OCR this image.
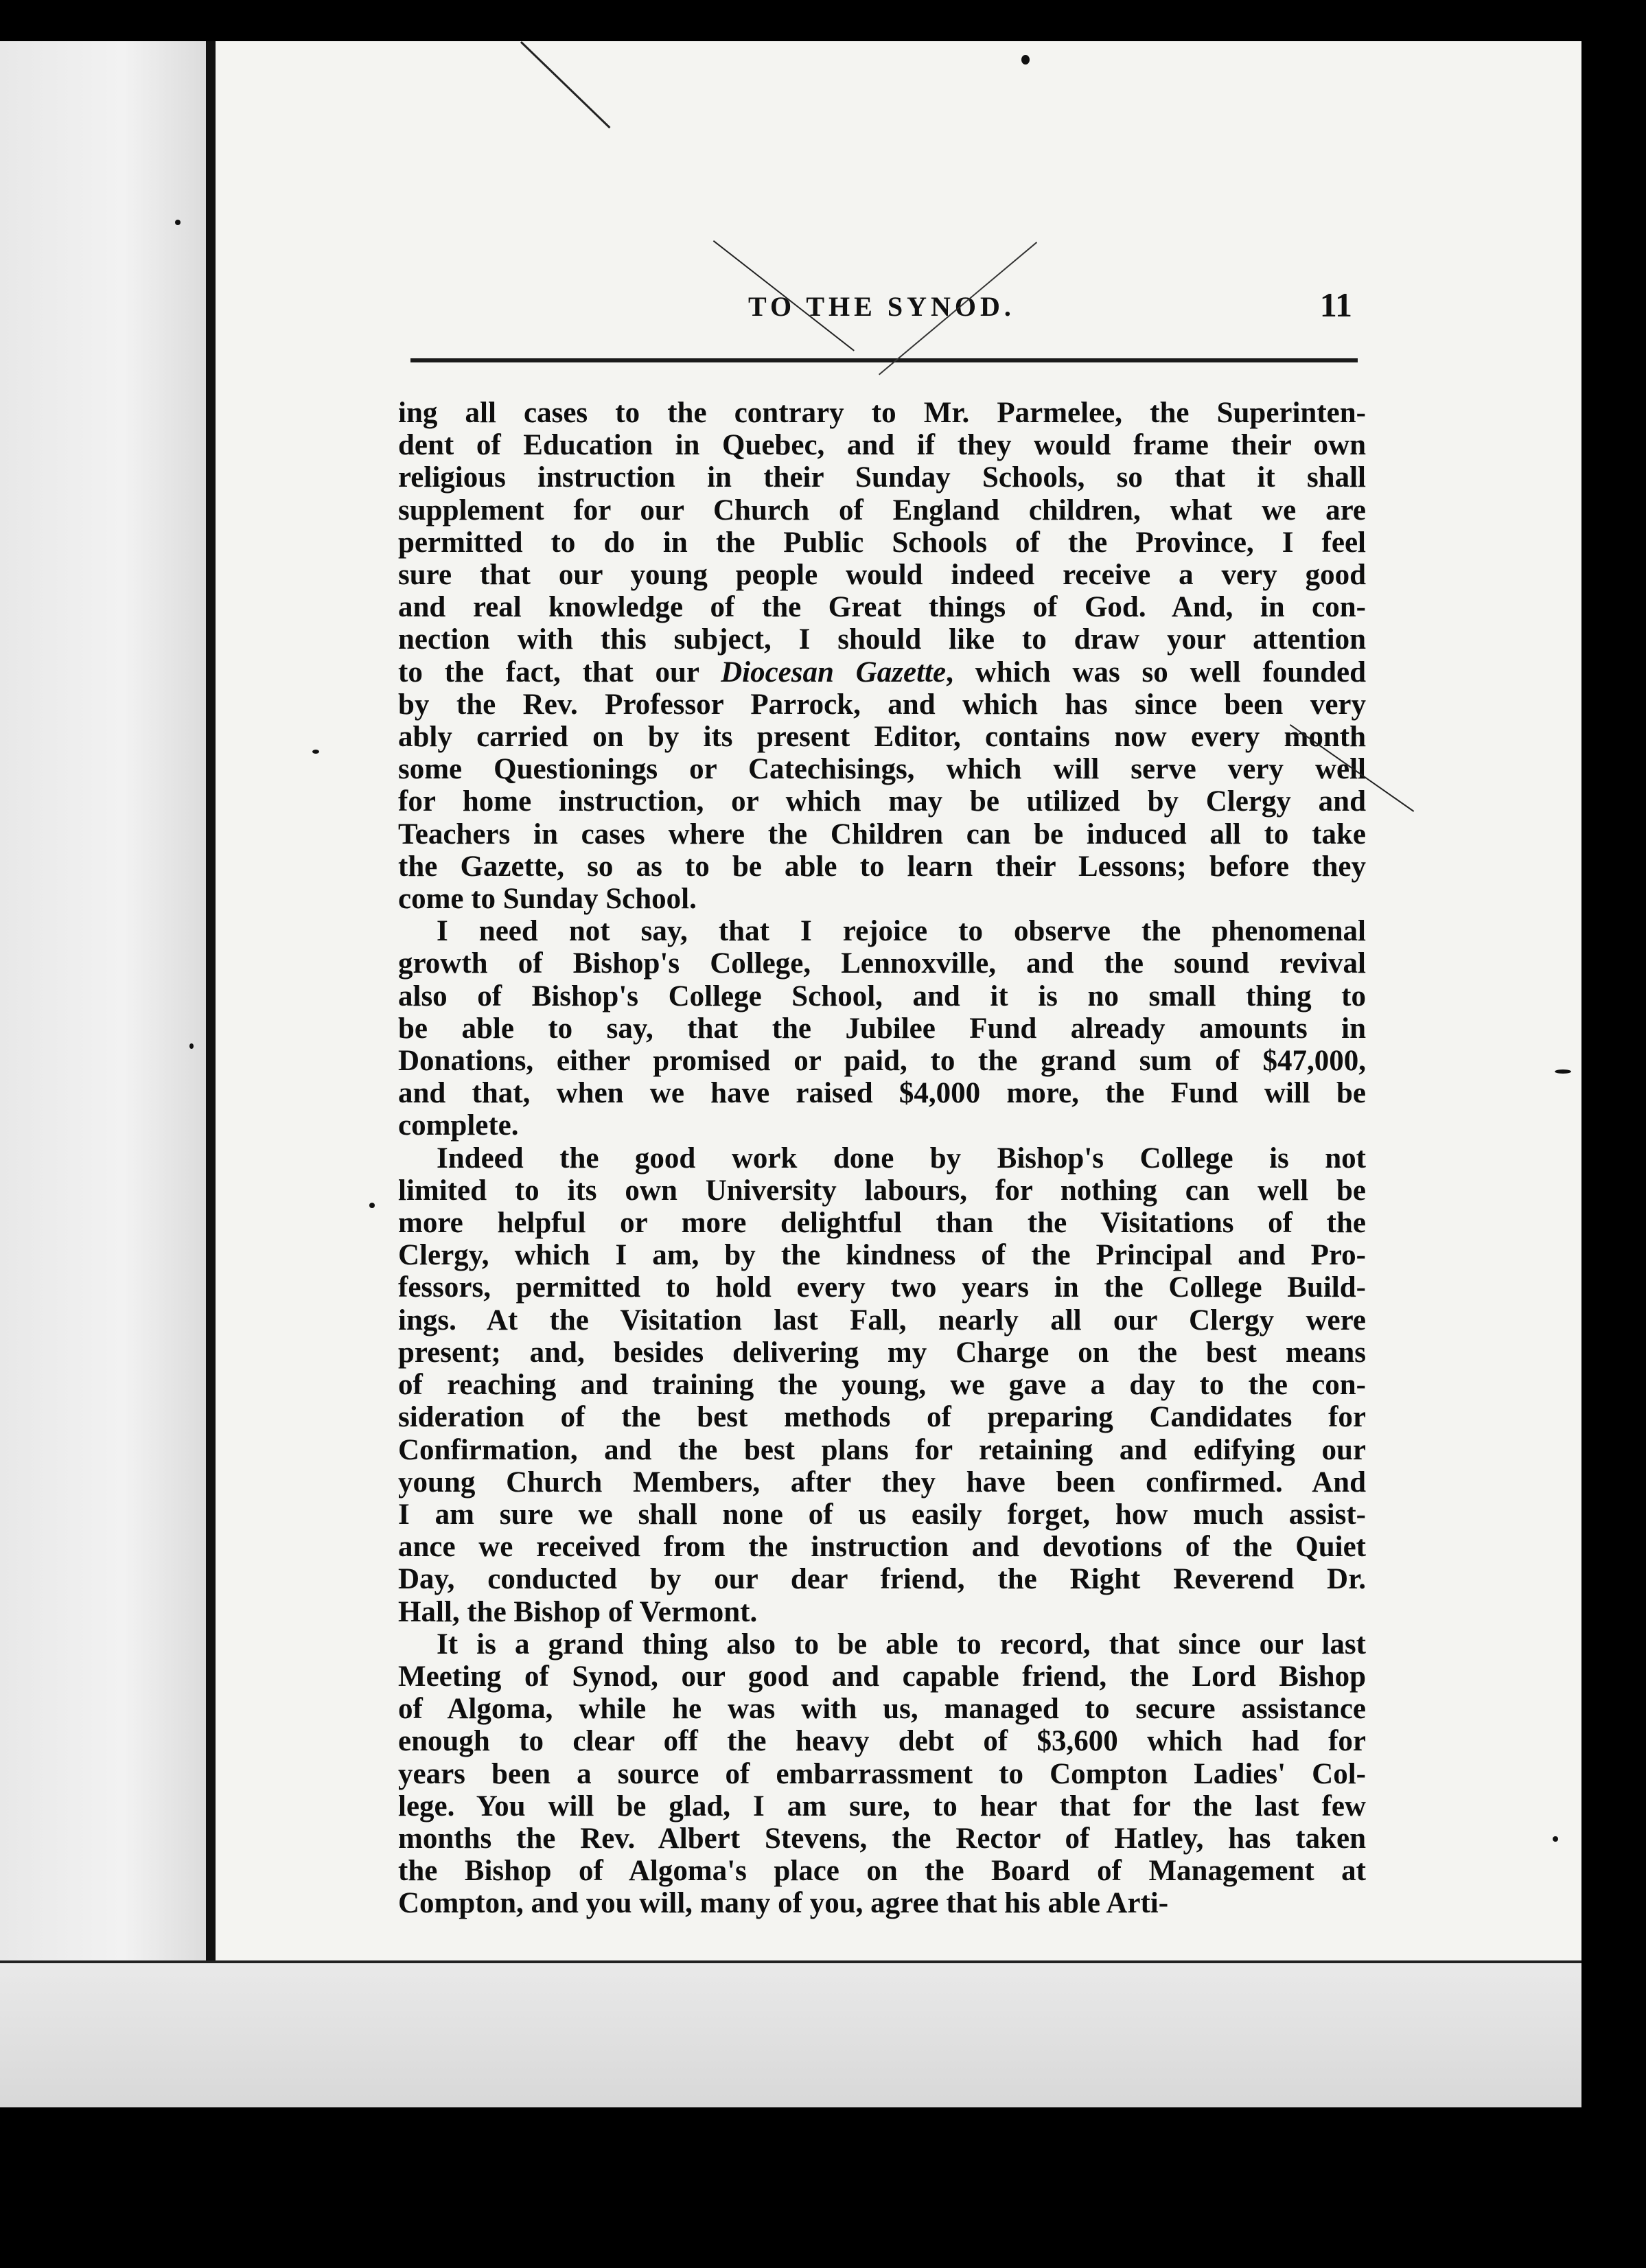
TO THE SYNOD.	11
ing all cases to the contrary to Mr. Parmelee, the Superinten-
dent of Education in Quebec, and if they would frame their own
religious instruction in their Sunday Schools, so that it shall
supplement for our Church of England children, what we are
permitted to do in the Public Schools of the Province, I feel
sure that our young people would indeed receive a very good
and real knowledge of the Great things of God. And, in con-
nection with this subject, I should like to draw your attention
to the fact, that our Diocesan Gazette, which was so well founded
by the Rev. Professor Parrock, and which has since been very
ably carried on by its present Editor, contains now every month
some Questionings or Catechisings, which will serve very well
for home instruction, or which may be utilized by Clergy and
Teachers in cases where the Children can be induced all to take
the Gazette, so as to be able to learn their Lessons; before they
come to Sunday School.
I need not say, that I rejoice to observe the phenomenal
growth of Bishop's College, Lennoxville, and the sound revival
also of Bishop's College School, and it is no small thing to
be able to say, that the Jubilee Fund already amounts in
Donations, either promised or paid, to the grand sum of $47,000,
and that, when we have raised $4,000 more, the Fund will be
complete.
Indeed the good work done by Bishop's College is not
limited to its own University labours, for nothing can well be
more helpful or more delightful than the Visitations of the
Clergy, which I am, by the kindness of the Principal and Pro-
fessors, permitted to hold every two years in the College Build-
ings. At the Visitation last Fall, nearly all our Clergy were
present; and, besides delivering my Charge on the best means
of reaching and training the young, we gave a day to the con-
sideration of the best methods of preparing Candidates for
Confirmation, and the best plans for retaining and edifying our
young Church Members, after they have been confirmed. And
I am sure we shall none of us easily forget, how much assist-
ance we received from the instruction and devotions of the Quiet
Day, conducted by our dear friend, the Right Reverend Dr.
Hall, the Bishop of Vermont.
It is a grand thing also to be able to record, that since our last
Meeting of Synod, our good and capable friend, the Lord Bishop
of Algoma, while he was with us, managed to secure assistance
enough to clear off the heavy debt of $3,600 which had for
years been a source of embarrassment to Compton Ladies' Col-
lege. You will be glad, I am sure, to hear that for the last few
months the Rev. Albert Stevens, the Rector of Hatley, has taken
the Bishop of Algoma's place on the Board of Management at
Compton, and you will, many of you, agree that his able Arti-
